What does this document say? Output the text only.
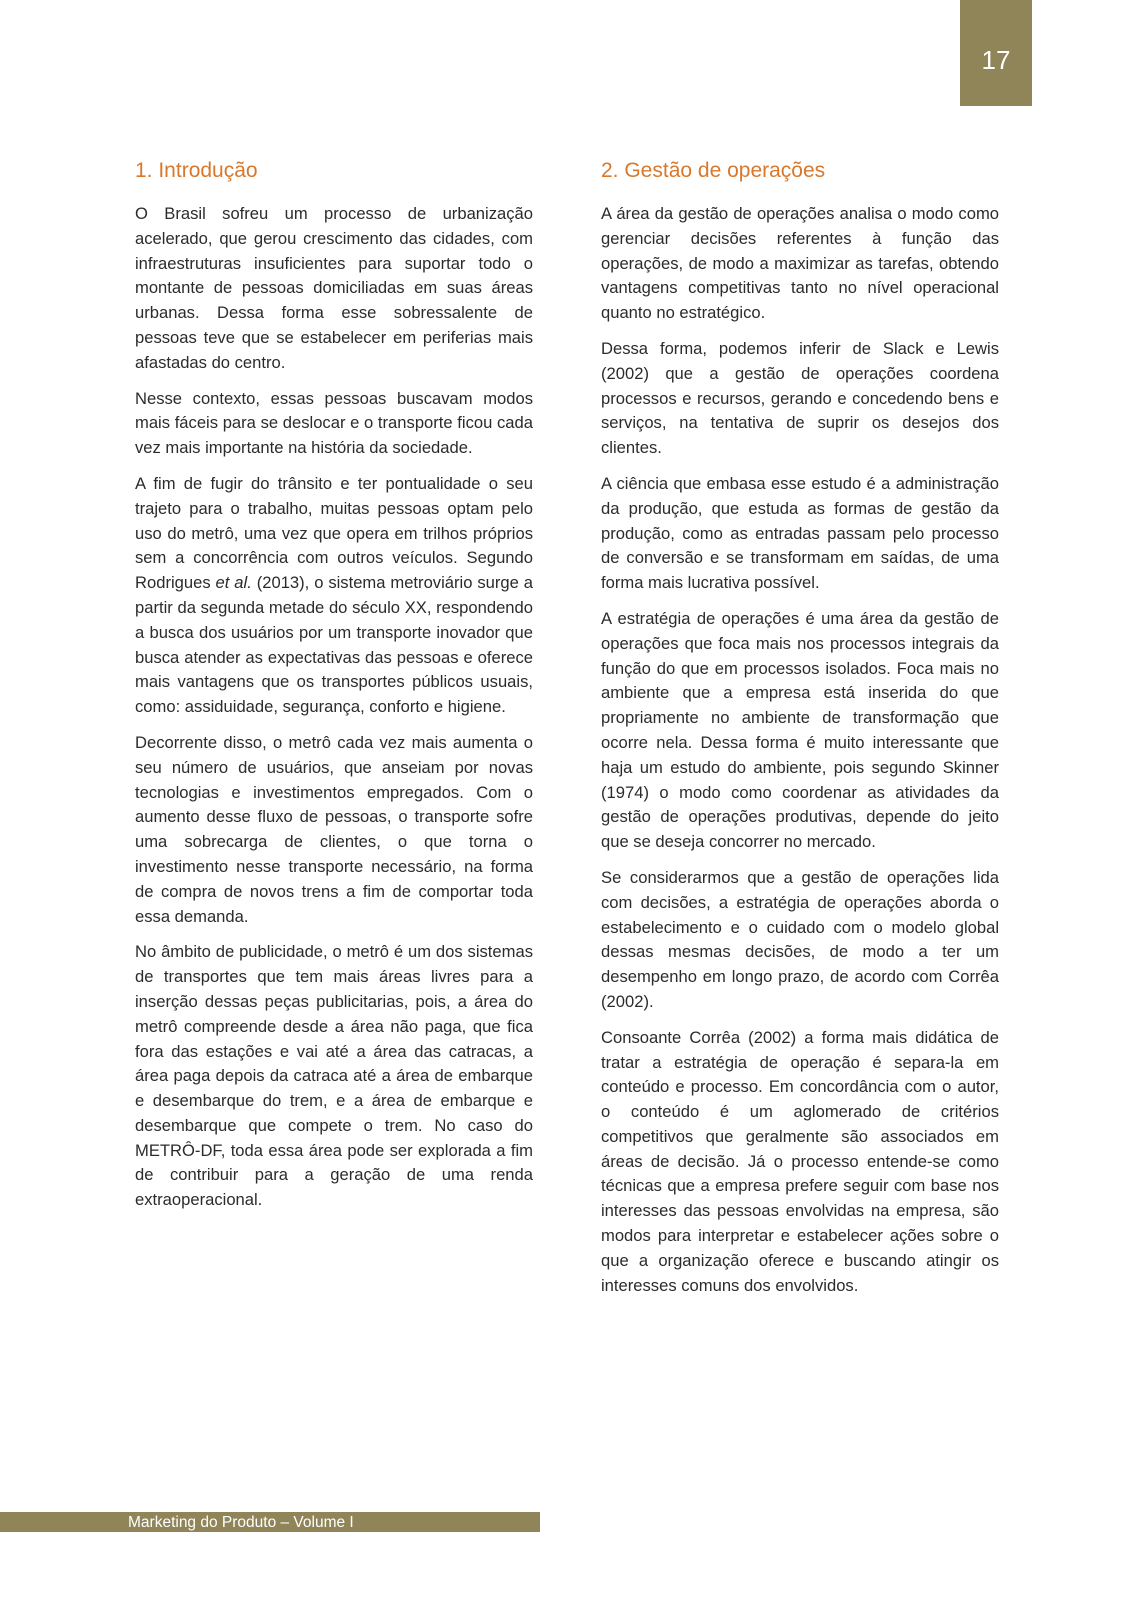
17
1. Introdução

O Brasil sofreu um processo de urbanização acelerado, que gerou crescimento das cidades, com infraestruturas insuficientes para suportar todo o montante de pessoas domiciliadas em suas áreas urbanas. Dessa forma esse sobressalente de pessoas teve que se estabelecer em periferias mais afastadas do centro.

Nesse contexto, essas pessoas buscavam modos mais fáceis para se deslocar e o transporte ficou cada vez mais importante na história da sociedade.

A fim de fugir do trânsito e ter pontualidade o seu trajeto para o trabalho, muitas pessoas optam pelo uso do metrô, uma vez que opera em trilhos próprios sem a concorrência com outros veículos. Segundo Rodrigues et al. (2013), o sistema metroviário surge a partir da segunda metade do século XX, respondendo a busca dos usuários por um transporte inovador que busca atender as expectativas das pessoas e oferece mais vantagens que os transportes públicos usuais, como: assiduidade, segurança, conforto e higiene.

Decorrente disso, o metrô cada vez mais aumenta o seu número de usuários, que anseiam por novas tecnologias e investimentos empregados. Com o aumento desse fluxo de pessoas, o transporte sofre uma sobrecarga de clientes, o que torna o investimento nesse transporte necessário, na forma de compra de novos trens a fim de comportar toda essa demanda.

No âmbito de publicidade, o metrô é um dos sistemas de transportes que tem mais áreas livres para a inserção dessas peças publicitarias, pois, a área do metrô compreende desde a área não paga, que fica fora das estações e vai até a área das catracas, a área paga depois da catraca até a área de embarque e desembarque do trem, e a área de embarque e desembarque que compete o trem. No caso do METRÔ-DF, toda essa área pode ser explorada a fim de contribuir para a geração de uma renda extraoperacional.

2. Gestão de operações

A área da gestão de operações analisa o modo como gerenciar decisões referentes à função das operações, de modo a maximizar as tarefas, obtendo vantagens competitivas tanto no nível operacional quanto no estratégico.

Dessa forma, podemos inferir de Slack e Lewis (2002) que a gestão de operações coordena processos e recursos, gerando e concedendo bens e serviços, na tentativa de suprir os desejos dos clientes.

A ciência que embasa esse estudo é a administração da produção, que estuda as formas de gestão da produção, como as entradas passam pelo processo de conversão e se transformam em saídas, de uma forma mais lucrativa possível.

A estratégia de operações é uma área da gestão de operações que foca mais nos processos integrais da função do que em processos isolados. Foca mais no ambiente que a empresa está inserida do que propriamente no ambiente de transformação que ocorre nela. Dessa forma é muito interessante que haja um estudo do ambiente, pois segundo Skinner (1974) o modo como coordenar as atividades da gestão de operações produtivas, depende do jeito que se deseja concorrer no mercado.

Se considerarmos que a gestão de operações lida com decisões, a estratégia de operações aborda o estabelecimento e o cuidado com o modelo global dessas mesmas decisões, de modo a ter um desempenho em longo prazo, de acordo com Corrêa (2002).

Consoante Corrêa (2002) a forma mais didática de tratar a estratégia de operação é separa-la em conteúdo e processo. Em concordância com o autor, o conteúdo é um aglomerado de critérios competitivos que geralmente são associados em áreas de decisão. Já o processo entende-se como técnicas que a empresa prefere seguir com base nos interesses das pessoas envolvidas na empresa, são modos para interpretar e estabelecer ações sobre o que a organização oferece e buscando atingir os interesses comuns dos envolvidos.

Marketing do Produto – Volume I
